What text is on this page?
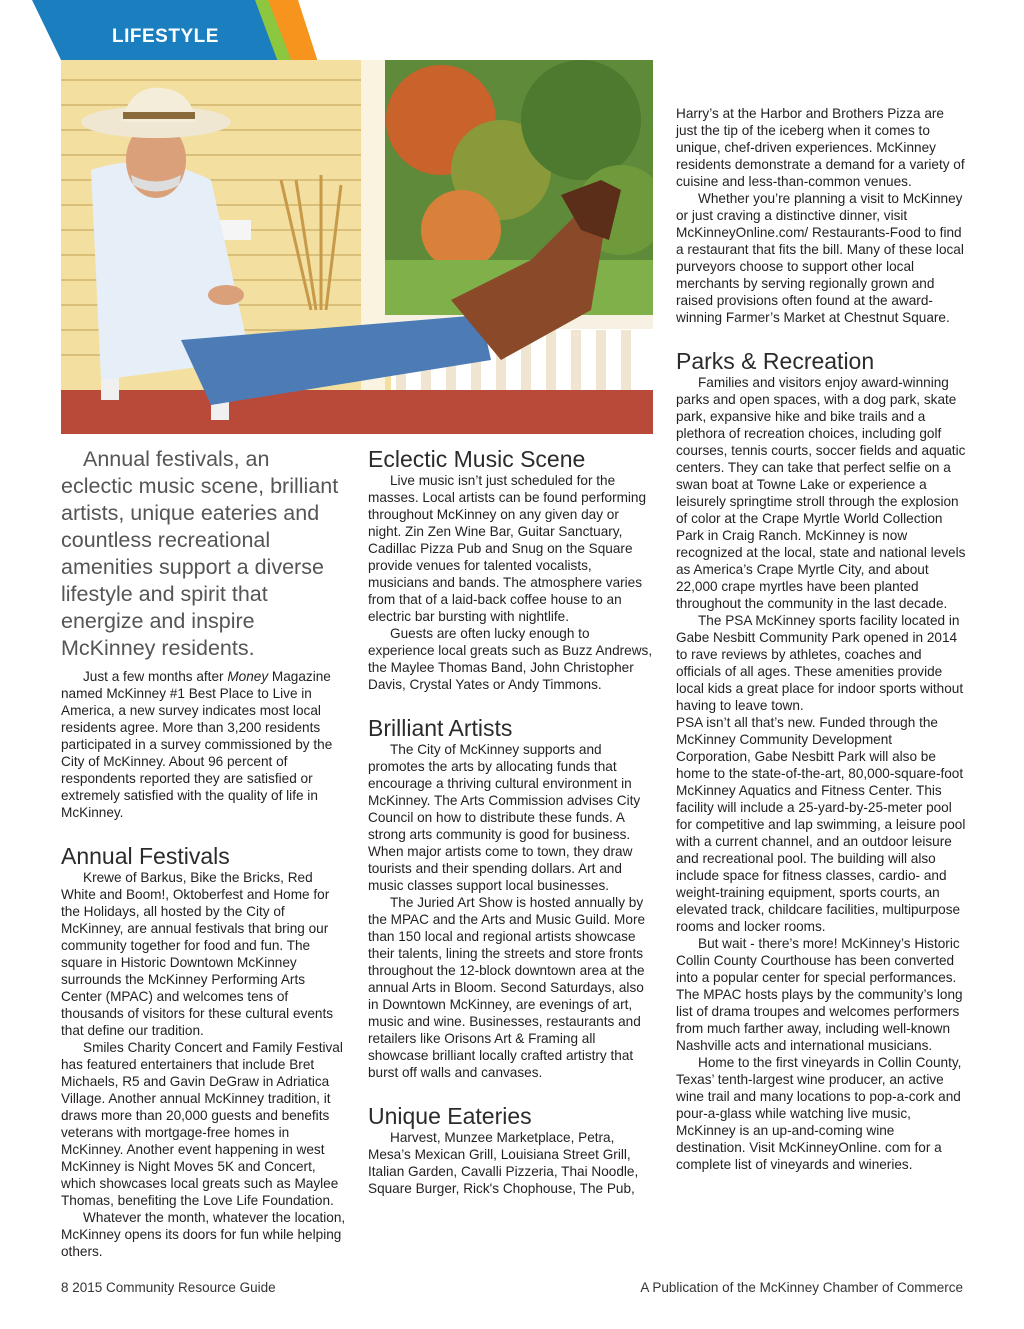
LIFESTYLE

Annual festivals, an eclectic music scene, brilliant artists, unique eateries and countless recreational amenities support a diverse lifestyle and spirit that energize and inspire McKinney residents.

Just a few months after Money Magazine named McKinney #1 Best Place to Live in America, a new survey indicates most local residents agree. More than 3,200 residents participated in a survey commissioned by the City of McKinney. About 96 percent of respondents reported they are satisfied or extremely satisfied with the quality of life in McKinney.

Annual Festivals

Krewe of Barkus, Bike the Bricks, Red White and Boom!, Oktoberfest and Home for the Holidays, all hosted by the City of McKinney, are annual festivals that bring our community together for food and fun. The square in Historic Downtown McKinney surrounds the McKinney Performing Arts Center (MPAC) and welcomes tens of thousands of visitors for these cultural events that define our tradition.

Smiles Charity Concert and Family Festival has featured entertainers that include Bret Michaels, R5 and Gavin DeGraw in Adriatica Village. Another annual McKinney tradition, it draws more than 20,000 guests and benefits veterans with mortgage-free homes in McKinney. Another event happening in west McKinney is Night Moves 5K and Concert, which showcases local greats such as Maylee Thomas, benefiting the Love Life Foundation.

Whatever the month, whatever the location, McKinney opens its doors for fun while helping others.

Eclectic Music Scene

Live music isn’t just scheduled for the masses. Local artists can be found performing throughout McKinney on any given day or night. Zin Zen Wine Bar, Guitar Sanctuary, Cadillac Pizza Pub and Snug on the Square provide venues for talented vocalists, musicians and bands. The atmosphere varies from that of a laid-back coffee house to an electric bar bursting with nightlife.

Guests are often lucky enough to experience local greats such as Buzz Andrews, the Maylee Thomas Band, John Christopher Davis, Crystal Yates or Andy Timmons.

Brilliant Artists

The City of McKinney supports and promotes the arts by allocating funds that encourage a thriving cultural environment in McKinney. The Arts Commission advises City Council on how to distribute these funds. A strong arts community is good for business. When major artists come to town, they draw tourists and their spending dollars. Art and music classes support local businesses.

The Juried Art Show is hosted annually by the MPAC and the Arts and Music Guild. More than 150 local and regional artists showcase their talents, lining the streets and store fronts throughout the 12-block downtown area at the annual Arts in Bloom. Second Saturdays, also in Downtown McKinney, are evenings of art, music and wine. Businesses, restaurants and retailers like Orisons Art & Framing all showcase brilliant locally crafted artistry that burst off walls and canvases.

Unique Eateries

Harvest, Munzee Marketplace, Petra, Mesa’s Mexican Grill, Louisiana Street Grill, Italian Garden, Cavalli Pizzeria, Thai Noodle, Square Burger, Rick's Chophouse, The Pub,

Harry’s at the Harbor and Brothers Pizza are just the tip of the iceberg when it comes to unique, chef-driven experiences. McKinney residents demonstrate a demand for a variety of cuisine and less-than-common venues.

Whether you’re planning a visit to McKinney or just craving a distinctive dinner, visit McKinneyOnline.com/ Restaurants-Food to find a restaurant that fits the bill. Many of these local purveyors choose to support other local merchants by serving regionally grown and raised provisions often found at the award-winning Farmer’s Market at Chestnut Square.

Parks & Recreation

Families and visitors enjoy award-winning parks and open spaces, with a dog park, skate park, expansive hike and bike trails and a plethora of recreation choices, including golf courses, tennis courts, soccer fields and aquatic centers. They can take that perfect selfie on a swan boat at Towne Lake or experience a leisurely springtime stroll through the explosion of color at the Crape Myrtle World Collection Park in Craig Ranch. McKinney is now recognized at the local, state and national levels as America’s Crape Myrtle City, and about 22,000 crape myrtles have been planted throughout the community in the last decade.

The PSA McKinney sports facility located in Gabe Nesbitt Community Park opened in 2014 to rave reviews by athletes, coaches and officials of all ages. These amenities provide local kids a great place for indoor sports without having to leave town.

PSA isn’t all that’s new. Funded through the McKinney Community Development Corporation, Gabe Nesbitt Park will also be home to the state-of-the-art, 80,000-square-foot McKinney Aquatics and Fitness Center. This facility will include a 25-yard-by-25-meter pool for competitive and lap swimming, a leisure pool with a current channel, and an outdoor leisure and recreational pool. The building will also include space for fitness classes, cardio- and weight-training equipment, sports courts, an elevated track, childcare facilities, multipurpose rooms and locker rooms.

But wait - there’s more! McKinney’s Historic Collin County Courthouse has been converted into a popular center for special performances. The MPAC hosts plays by the community’s long list of drama troupes and welcomes performers from much farther away, including well-known Nashville acts and international musicians.

Home to the first vineyards in Collin County, Texas’ tenth-largest wine producer, an active wine trail and many locations to pop-a-cork and pour-a-glass while watching live music, McKinney is an up-and-coming wine destination. Visit McKinneyOnline. com for a complete list of vineyards and wineries.

8 2015 Community Resource Guide	A Publication of the McKinney Chamber of Commerce
